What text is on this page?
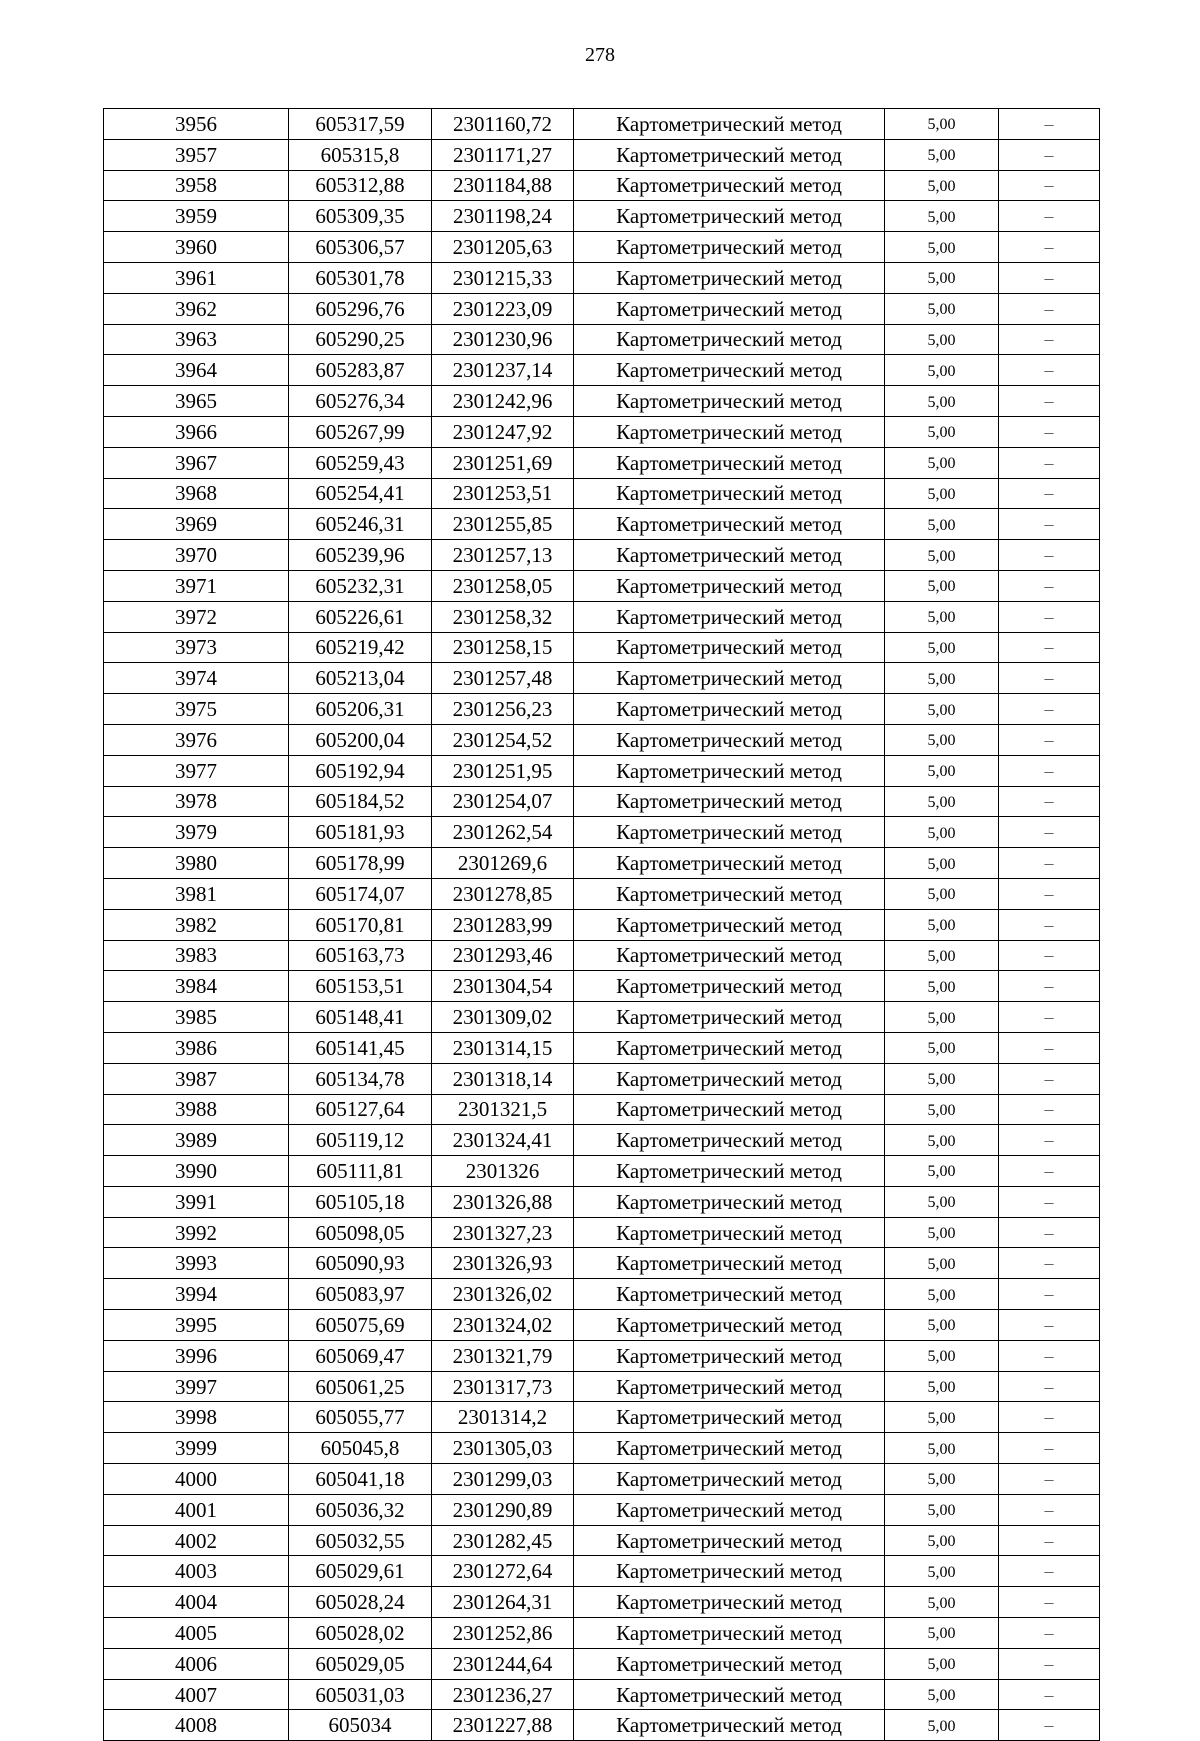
278
3956	605317,59	2301160,72	Картометрический метод	5,00	–
3957	605315,8	2301171,27	Картометрический метод	5,00	–
3958	605312,88	2301184,88	Картометрический метод	5,00	–
3959	605309,35	2301198,24	Картометрический метод	5,00	–
3960	605306,57	2301205,63	Картометрический метод	5,00	–
3961	605301,78	2301215,33	Картометрический метод	5,00	–
3962	605296,76	2301223,09	Картометрический метод	5,00	–
3963	605290,25	2301230,96	Картометрический метод	5,00	–
3964	605283,87	2301237,14	Картометрический метод	5,00	–
3965	605276,34	2301242,96	Картометрический метод	5,00	–
3966	605267,99	2301247,92	Картометрический метод	5,00	–
3967	605259,43	2301251,69	Картометрический метод	5,00	–
3968	605254,41	2301253,51	Картометрический метод	5,00	–
3969	605246,31	2301255,85	Картометрический метод	5,00	–
3970	605239,96	2301257,13	Картометрический метод	5,00	–
3971	605232,31	2301258,05	Картометрический метод	5,00	–
3972	605226,61	2301258,32	Картометрический метод	5,00	–
3973	605219,42	2301258,15	Картометрический метод	5,00	–
3974	605213,04	2301257,48	Картометрический метод	5,00	–
3975	605206,31	2301256,23	Картометрический метод	5,00	–
3976	605200,04	2301254,52	Картометрический метод	5,00	–
3977	605192,94	2301251,95	Картометрический метод	5,00	–
3978	605184,52	2301254,07	Картометрический метод	5,00	–
3979	605181,93	2301262,54	Картометрический метод	5,00	–
3980	605178,99	2301269,6	Картометрический метод	5,00	–
3981	605174,07	2301278,85	Картометрический метод	5,00	–
3982	605170,81	2301283,99	Картометрический метод	5,00	–
3983	605163,73	2301293,46	Картометрический метод	5,00	–
3984	605153,51	2301304,54	Картометрический метод	5,00	–
3985	605148,41	2301309,02	Картометрический метод	5,00	–
3986	605141,45	2301314,15	Картометрический метод	5,00	–
3987	605134,78	2301318,14	Картометрический метод	5,00	–
3988	605127,64	2301321,5	Картометрический метод	5,00	–
3989	605119,12	2301324,41	Картометрический метод	5,00	–
3990	605111,81	2301326	Картометрический метод	5,00	–
3991	605105,18	2301326,88	Картометрический метод	5,00	–
3992	605098,05	2301327,23	Картометрический метод	5,00	–
3993	605090,93	2301326,93	Картометрический метод	5,00	–
3994	605083,97	2301326,02	Картометрический метод	5,00	–
3995	605075,69	2301324,02	Картометрический метод	5,00	–
3996	605069,47	2301321,79	Картометрический метод	5,00	–
3997	605061,25	2301317,73	Картометрический метод	5,00	–
3998	605055,77	2301314,2	Картометрический метод	5,00	–
3999	605045,8	2301305,03	Картометрический метод	5,00	–
4000	605041,18	2301299,03	Картометрический метод	5,00	–
4001	605036,32	2301290,89	Картометрический метод	5,00	–
4002	605032,55	2301282,45	Картометрический метод	5,00	–
4003	605029,61	2301272,64	Картометрический метод	5,00	–
4004	605028,24	2301264,31	Картометрический метод	5,00	–
4005	605028,02	2301252,86	Картометрический метод	5,00	–
4006	605029,05	2301244,64	Картометрический метод	5,00	–
4007	605031,03	2301236,27	Картометрический метод	5,00	–
4008	605034	2301227,88	Картометрический метод	5,00	–
